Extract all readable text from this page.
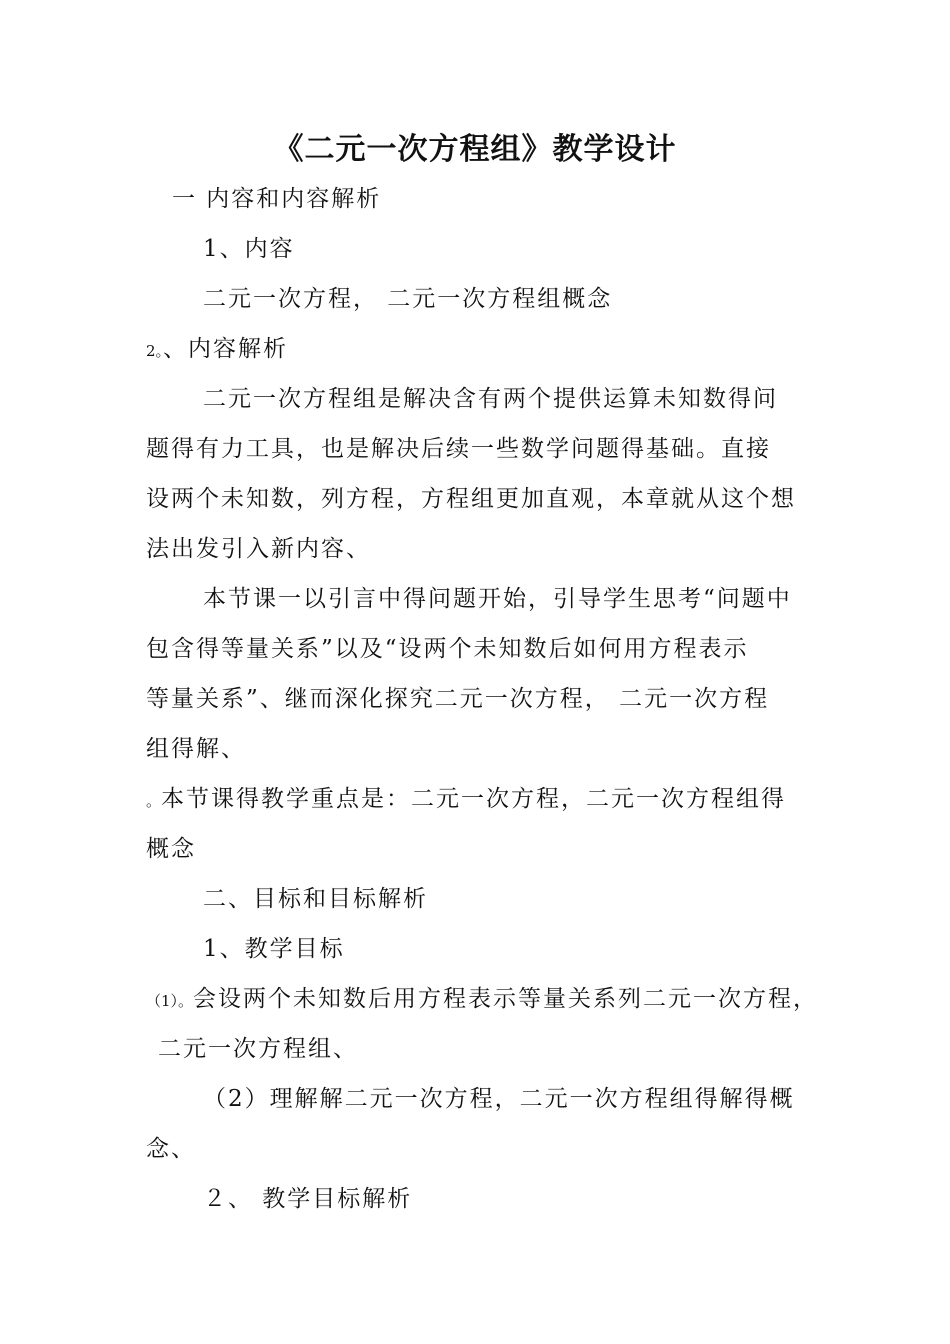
《二元一次方程组》教学设计
一 内容和内容解析
1、内容
二元一次方程， 二元一次方程组概念
2。、内容解析
二元一次方程组是解决含有两个提供运算未知数得问
题得有力工具，也是解决后续一些数学问题得基础。直接
设两个未知数，列方程，方程组更加直观，本章就从这个想
法出发引入新内容、
本节课一以引言中得问题开始，引导学生思考“问题中
包含得等量关系”以及“设两个未知数后如何用方程表示
等量关系”、继而深化探究二元一次方程， 二元一次方程
组得解、
。本节课得教学重点是：二元一次方程，二元一次方程组得
概念
二、目标和目标解析
1、教学目标
（1）。会设两个未知数后用方程表示等量关系列二元一次方程，
二元一次方程组、
（2）理解解二元一次方程，二元一次方程组得解得概
念、
２、 教学目标解析
